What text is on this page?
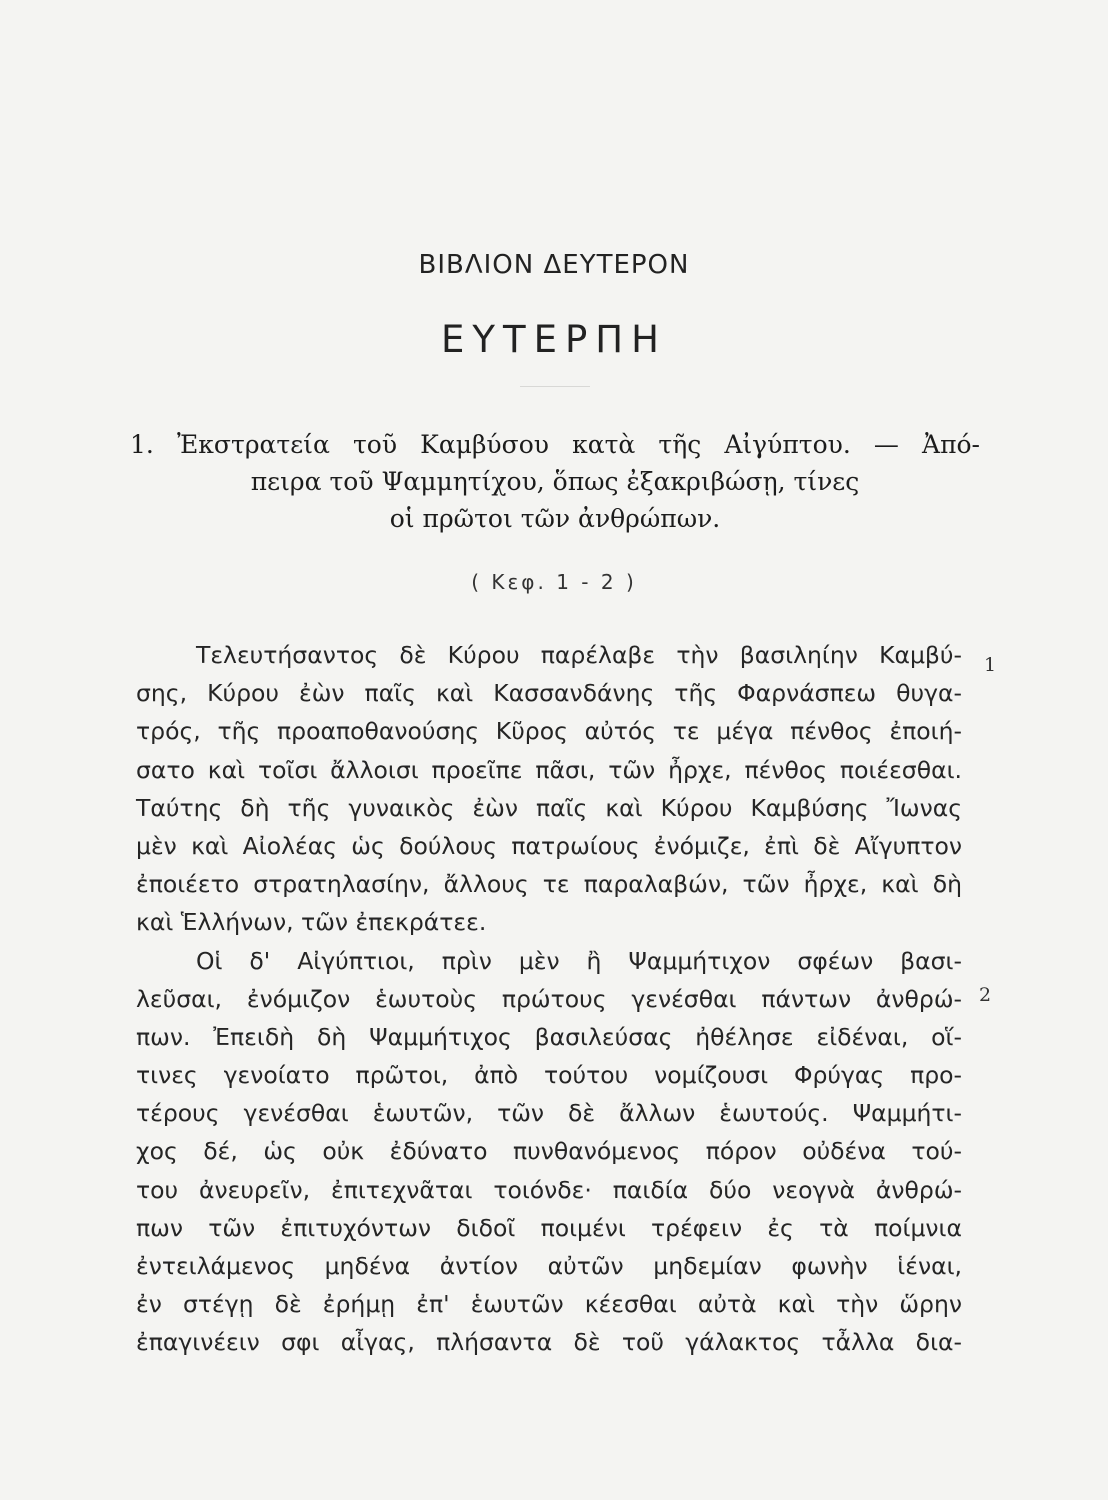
ΒΙΒΛΙΟΝ ΔΕΥΤΕΡΟΝ
ΕΥΤΕΡΠΗ
1. Ἐκστρατεία τοῦ Καμβύσου κατὰ τῆς Αἰγύπτου. — Ἀπό-
πειρα τοῦ Ψαμμητίχου, ὅπως ἐξακριβώσῃ, τίνες
οἱ πρῶτοι τῶν ἀνθρώπων.
( Κεφ. 1 - 2 )
Τελευτήσαντος δὲ Κύρου παρέλαβε τὴν βασιληίην Καμβύ-
σης, Κύρου ἐὼν παῖς καὶ Κασσανδάνης τῆς Φαρνάσπεω θυγα-
τρός, τῆς προαποθανούσης Κῦρος αὐτός τε μέγα πένθος ἐποιή-
σατο καὶ τοῖσι ἄλλοισι προεῖπε πᾶσι, τῶν ἦρχε, πένθος ποιέεσθαι.
Ταύτης δὴ τῆς γυναικὸς ἐὼν παῖς καὶ Κύρου Καμβύσης Ἴωνας
μὲν καὶ Αἰολέας ὡς δούλους πατρωίους ἐνόμιζε, ἐπὶ δὲ Αἴγυπτον
ἐποιέετο στρατηλασίην, ἄλλους τε παραλαβών, τῶν ἦρχε, καὶ δὴ
καὶ Ἑλλήνων, τῶν ἐπεκράτεε.
Οἱ δ' Αἰγύπτιοι, πρὶν μὲν ἢ Ψαμμήτιχον σφέων βασι-
λεῦσαι, ἐνόμιζον ἑωυτοὺς πρώτους γενέσθαι πάντων ἀνθρώ-
πων. Ἐπειδὴ δὴ Ψαμμήτιχος βασιλεύσας ἠθέλησε εἰδέναι, οἵ-
τινες γενοίατο πρῶτοι, ἀπὸ τούτου νομίζουσι Φρύγας προ-
τέρους γενέσθαι ἑωυτῶν, τῶν δὲ ἄλλων ἑωυτούς. Ψαμμήτι-
χος δέ, ὡς οὐκ ἐδύνατο πυνθανόμενος πόρον οὐδένα τού-
του ἀνευρεῖν, ἐπιτεχνᾶται τοιόνδε· παιδία δύο νεογνὰ ἀνθρώ-
πων τῶν ἐπιτυχόντων διδοῖ ποιμένι τρέφειν ἐς τὰ ποίμνια
ἐντειλάμενος μηδένα ἀντίον αὐτῶν μηδεμίαν φωνὴν ἱέναι,
ἐν στέγῃ δὲ ἐρήμῃ ἐπ' ἑωυτῶν κέεσθαι αὐτὰ καὶ τὴν ὥρην
ἐπαγινέειν σφι αἶγας, πλήσαντα δὲ τοῦ γάλακτος τἆλλα δια-
1
2
